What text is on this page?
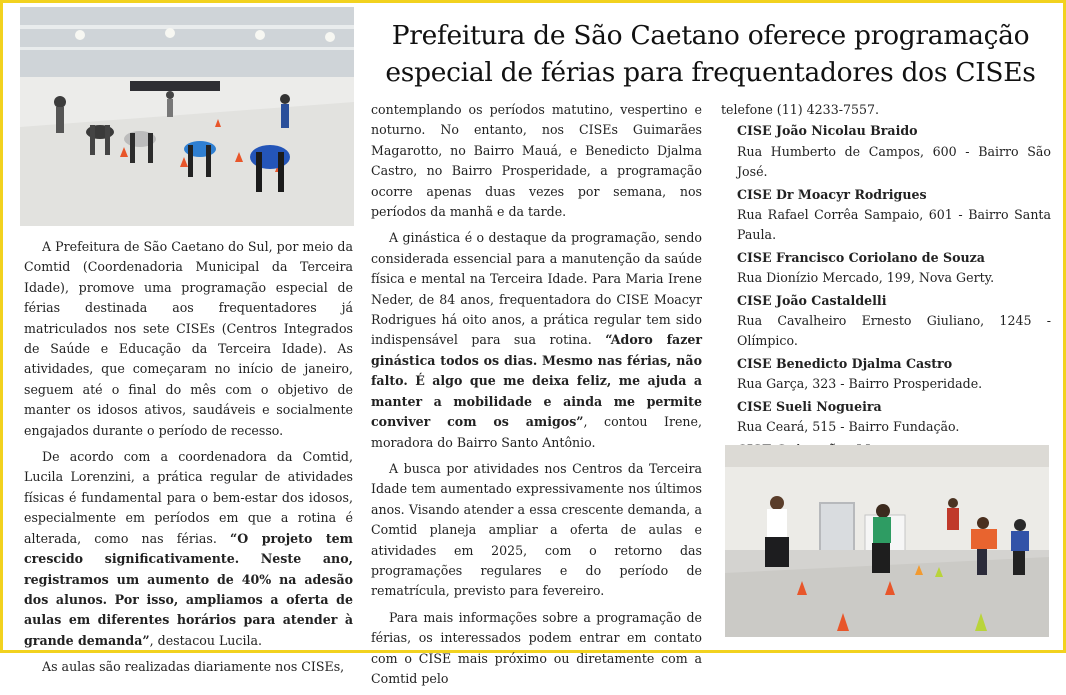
Prefeitura de São Caetano oferece programação
especial de férias para frequentadores dos CISEs

A Prefeitura de São Caetano do Sul, por meio da Comtid (Coordenadoria Municipal da Terceira Idade), promove uma programação especial de férias destinada aos frequentadores já matriculados nos sete CISEs (Centros Integrados de Saúde e Educação da Terceira Idade). As atividades, que começaram no início de janeiro, seguem até o final do mês com o objetivo de manter os idosos ativos, saudáveis e socialmente engajados durante o período de recesso.

De acordo com a coordenadora da Comtid, Lucila Lorenzini, a prática regular de atividades físicas é fundamental para o bem-estar dos idosos, especialmente em períodos em que a rotina é alterada, como nas férias. “O projeto tem crescido significativamente. Neste ano, registramos um aumento de 40% na adesão dos alunos. Por isso, ampliamos a oferta de aulas em diferentes horários para atender à grande demanda”, destacou Lucila.

As aulas são realizadas diariamente nos CISEs,

contemplando os períodos matutino, vespertino e noturno. No entanto, nos CISEs Guimarães Magarotto, no Bairro Mauá, e Benedicto Djalma Castro, no Bairro Prosperidade, a programação ocorre apenas duas vezes por semana, nos períodos da manhã e da tarde.

A ginástica é o destaque da programação, sendo considerada essencial para a manutenção da saúde física e mental na Terceira Idade. Para Maria Irene Neder, de 84 anos, frequentadora do CISE Moacyr Rodrigues há oito anos, a prática regular tem sido indispensável para sua rotina. “Adoro fazer ginástica todos os dias. Mesmo nas férias, não falto. É algo que me deixa feliz, me ajuda a manter a mobilidade e ainda me permite conviver com os amigos”, contou Irene, moradora do Bairro Santo Antônio.

A busca por atividades nos Centros da Terceira Idade tem aumentado expressivamente nos últimos anos. Visando atender a essa crescente demanda, a Comtid planeja ampliar a oferta de aulas e atividades em 2025, com o retorno das programações regulares e do período de rematrícula, previsto para fevereiro.

Para mais informações sobre a programação de férias, os interessados podem entrar em contato com o CISE mais próximo ou diretamente com a Comtid pelo

telefone (11) 4233-7557.
CISE João Nicolau Braido
Rua Humberto de Campos, 600 - Bairro São José.
CISE Dr Moacyr Rodrigues
Rua Rafael Corrêa Sampaio, 601 - Bairro Santa Paula.
CISE Francisco Coriolano de Souza
Rua Dionízio Mercado, 199, Nova Gerty.
CISE João Castaldelli
Rua Cavalheiro Ernesto Giuliano, 1245 - Olímpico.
CISE Benedicto Djalma Castro
Rua Garça, 323 - Bairro Prosperidade.
CISE Sueli Nogueira
Rua Ceará, 515 - Bairro Fundação.
